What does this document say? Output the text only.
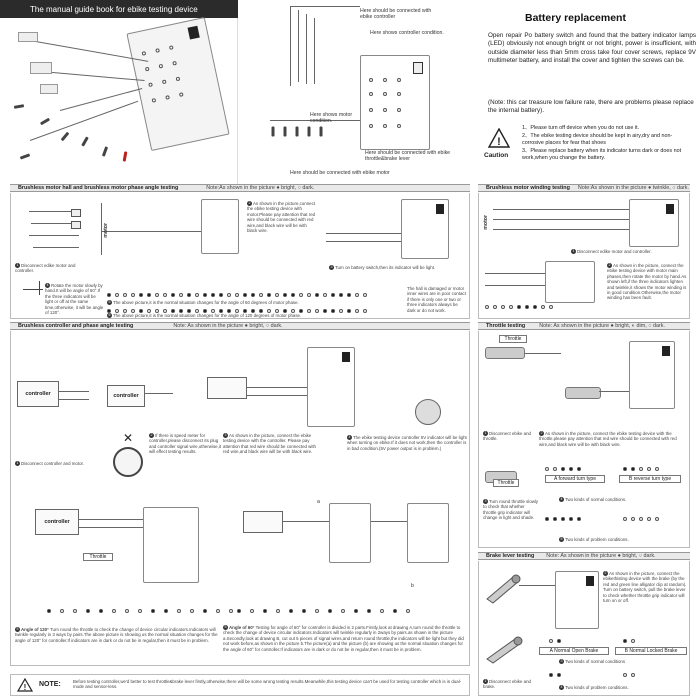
The manual guide book for ebike testing device	Here should be connected with ebike controller
Here shows controller condition.
Here shows motor condition.
Here should be connected with ebike throttle&brake lever
Here should be connected with ebike motor
Battery replacement
Open repair Po battery switch and found that the battery indicator lamps (LED) obviously not enough bright or not bright, power is insufficient, with outside diameter less than 5mm cross take four cover screws, replace 9V multimeter battery, and install the cover and tighten the screws can be.
(Note: this car treasure low failure rate, there are problems please replace the internal battery).
!
Caution
1、Please turn off device when you do not use it.
2、The ebike testing device should be kept in airy,dry and non-corrosive places for fear that shoes
3、Please replace battery when its indicator turns dark or does not work,when you change the battery.
Brushless motor hall and brushless motor phase angle testing	Note:As shown in the picture ● bright, ○ dark.
1 Disconnect edike motor and controller.
motor
2 As shown in the picture,connect the ebike testing device with motor.Please pay attention that red wire should be connected with red wire,and black wire will be with black wire.
3 Turn on battery switch,then its indicator will be light.
4 Rotate the motor slowly by hand.It will be angle of 60°.If the three indicators will be light or off at the same time,otherwise, it will be angle of 120°.
5 The above picture,it is the normal situation changes for the angle of 60 degrees of motor phase.
6 The above picture,it is the normal situation changes for the angle of 120 degrees of motor phase.
The hall is damaged or motor inner wires are in poor contact if there is only one or two or three indicators always be dark or do not work.
Brushless motor winding testing Note:As shown in the picture ● twinkle, ○ dark.
motor
1 Disconnect edike motor and controller.
2 As shown in the picture, connect the ebike testing device with motor main phases,then rotate the motor by hand.As shown left,if the three indicators lighten and twinkle,it shows the motor winding is in good condition.Otherwise,the motor winding has been fault.
Brushless controller and phase angle testing	Note: As shown in the picture ● bright, ○ dark.
controller
1 Disconnect controller and motor.
controller
✕	2 If there is speed meter for controller,please disconnect its plug and controller signal wire,otherwise,it will effect testing results.
3 As shown in the picture, connect the ebike testing device with the controller. Please pay attention that red wire should be connected with red wire,and black wire will be with black wire.
4 The ebike testing device controller 5V indicator will be light when turning on ebike.If it does not work,then the controller is in bad condition.(5V power output is in problem.)
controller
Throttle
5 Angle of 120° Turn round the throttle to check the change of device circular indicators.Indicators will twinkle regularly in 3 ways by pairs.The above picture is showing us the normal situation changes for the angle of 120° for controller.If indicators are in dark or do not be in regular,then it must be in problem.
a
b
5 Angle of 60° Testing for angle of 60° for controller is divided in 2 parts.Firstly,look at drawing A,turn round the throttle to check the change of device circular indicators.Indicators will twinkle regularly in 2ways by pairs.as shown in the picture a.Secondly,look at drawing B, cut out 5 pieces of signal wires,and return round throttle,the indicators will be light but they did not work before,as shown in the picture b.The picture(a) and the picture (b) are showing us the normal situation changes for the angle of 60° for controller.If indicators are in dark or do not be in regular,then it must be in problem.
! NOTE:	Before testing controller,we'd better to test throttle&brake lever firstly,otherwise,there will be some wrong testing results.Meanwhile,this testing device can't be used for testing controller which is in dual-mode and sensor-less.
Throttle testing	Note: As shown in the picture ● bright, ◐ dim, ○ dark.
Throttle
1 Disconnect ebike and throttle.
2 As shown in the picture, connect the ebike testing device with the throttle.please pay attention that red wire should be connected with red wire,and black wire will be with black wire.
Throttle
3 Turn round throttle slowly to check that whether throttle grip indicator will change in light and shade.
A forward turn type	B reverse turn type
4 Two kinds of normal conditions.
5 Two kinds of problem conditions.
Brake lever testing Note: As shown in the picture ● bright, ○ dark.
2 As shown in the picture, connect the ebikethisting device with the brake (by the red and green line alligator clip at random). Turn on battery switch, pull the brake lever to check whether throttle grip indicator will turn on or off.
1 Disconnect ebike and brake.
A Normal Open Brake	B Normal Locked Brake
3 Two kinds of normal conditions
4 Two kinds of problem conditions.
